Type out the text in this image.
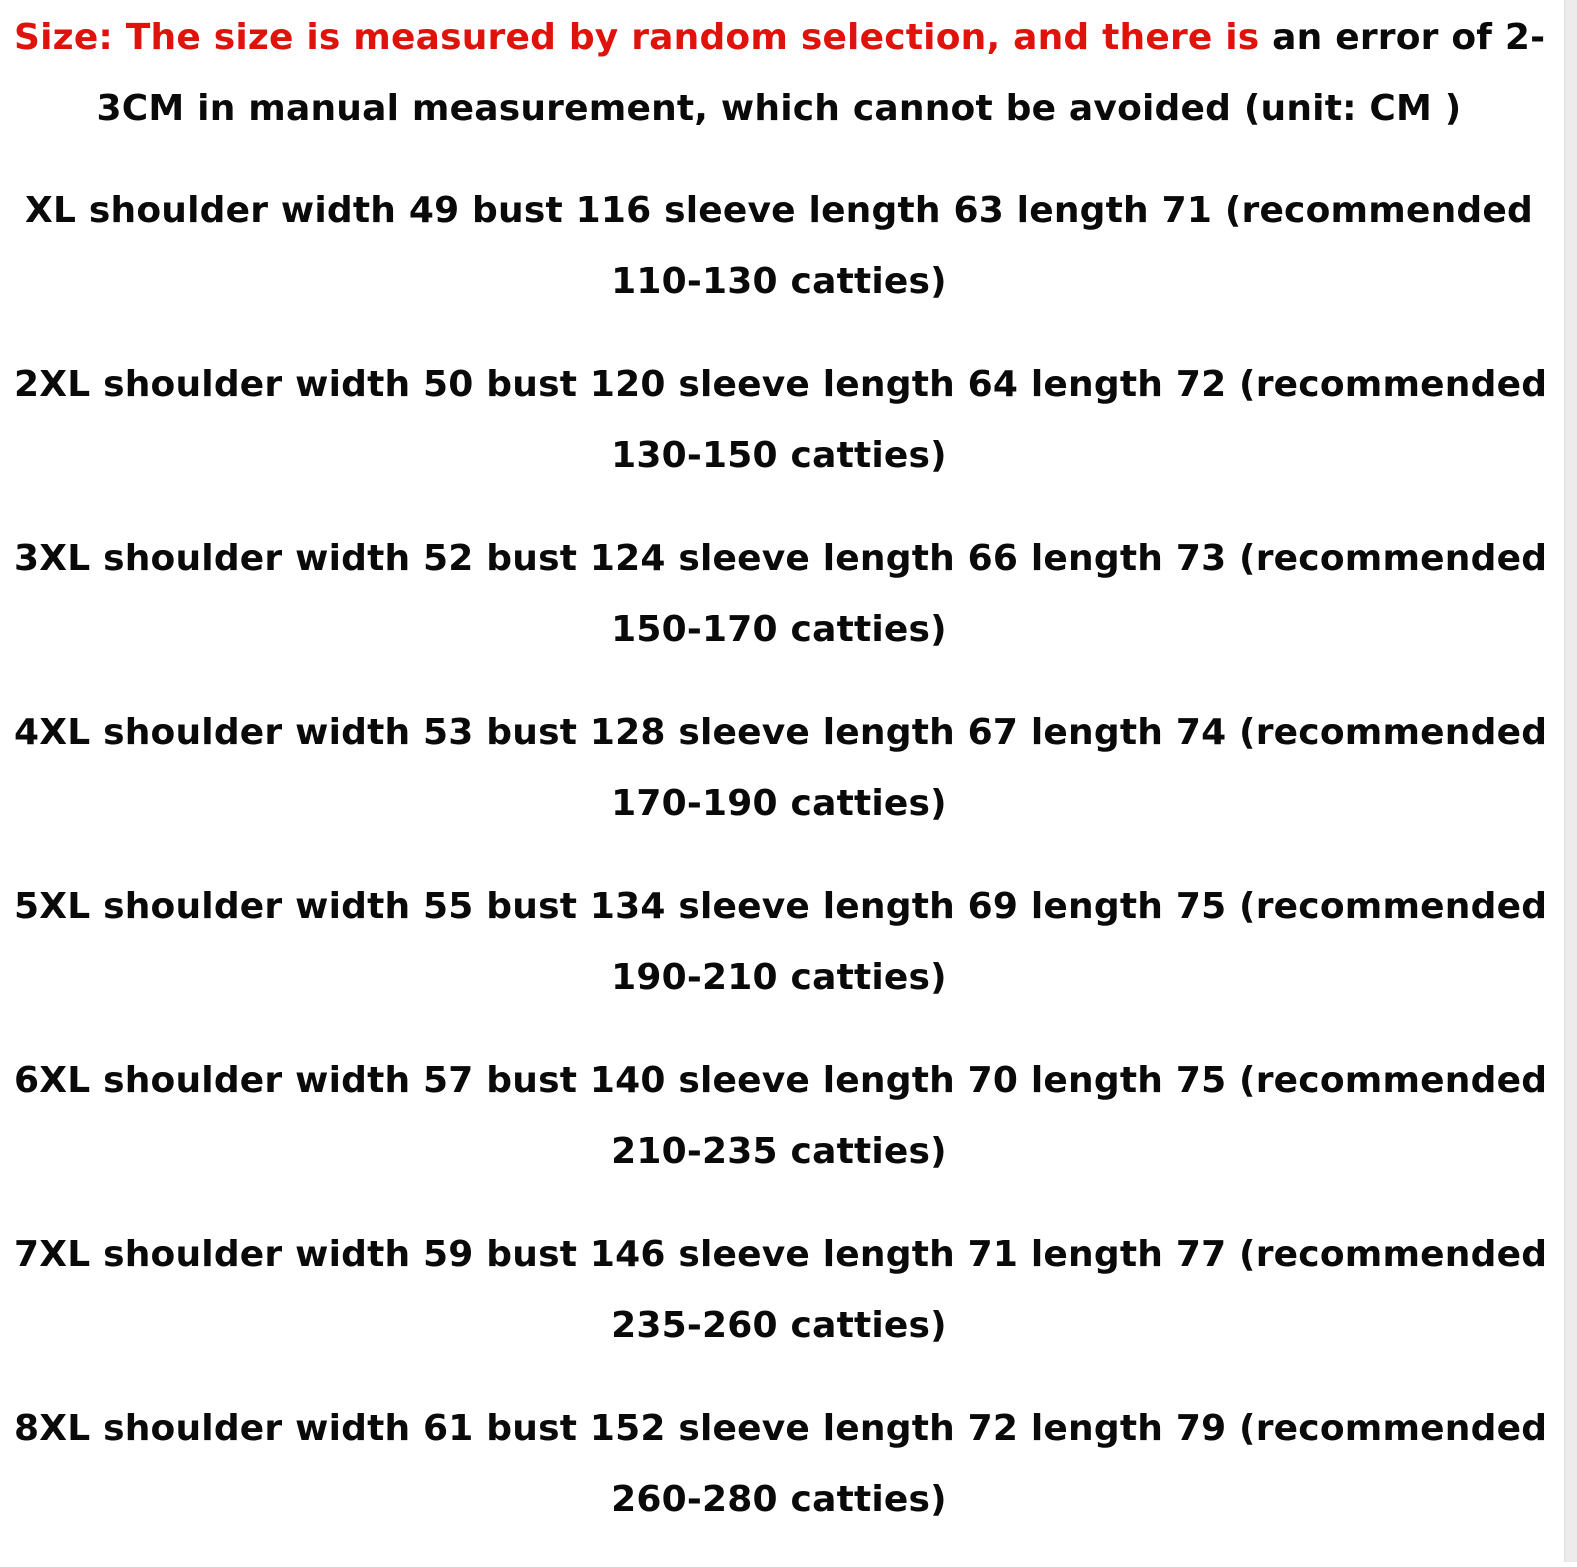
Size: The size is measured by random selection, and there is an error of 2-
3CM in manual measurement, which cannot be avoided (unit: CM )
XL shoulder width 49 bust 116 sleeve length 63 length 71 (recommended
110-130 catties)
2XL shoulder width 50 bust 120 sleeve length 64 length 72 (recommended
130-150 catties)
3XL shoulder width 52 bust 124 sleeve length 66 length 73 (recommended
150-170 catties)
4XL shoulder width 53 bust 128 sleeve length 67 length 74 (recommended
170-190 catties)
5XL shoulder width 55 bust 134 sleeve length 69 length 75 (recommended
190-210 catties)
6XL shoulder width 57 bust 140 sleeve length 70 length 75 (recommended
210-235 catties)
7XL shoulder width 59 bust 146 sleeve length 71 length 77 (recommended
235-260 catties)
8XL shoulder width 61 bust 152 sleeve length 72 length 79 (recommended
260-280 catties)
